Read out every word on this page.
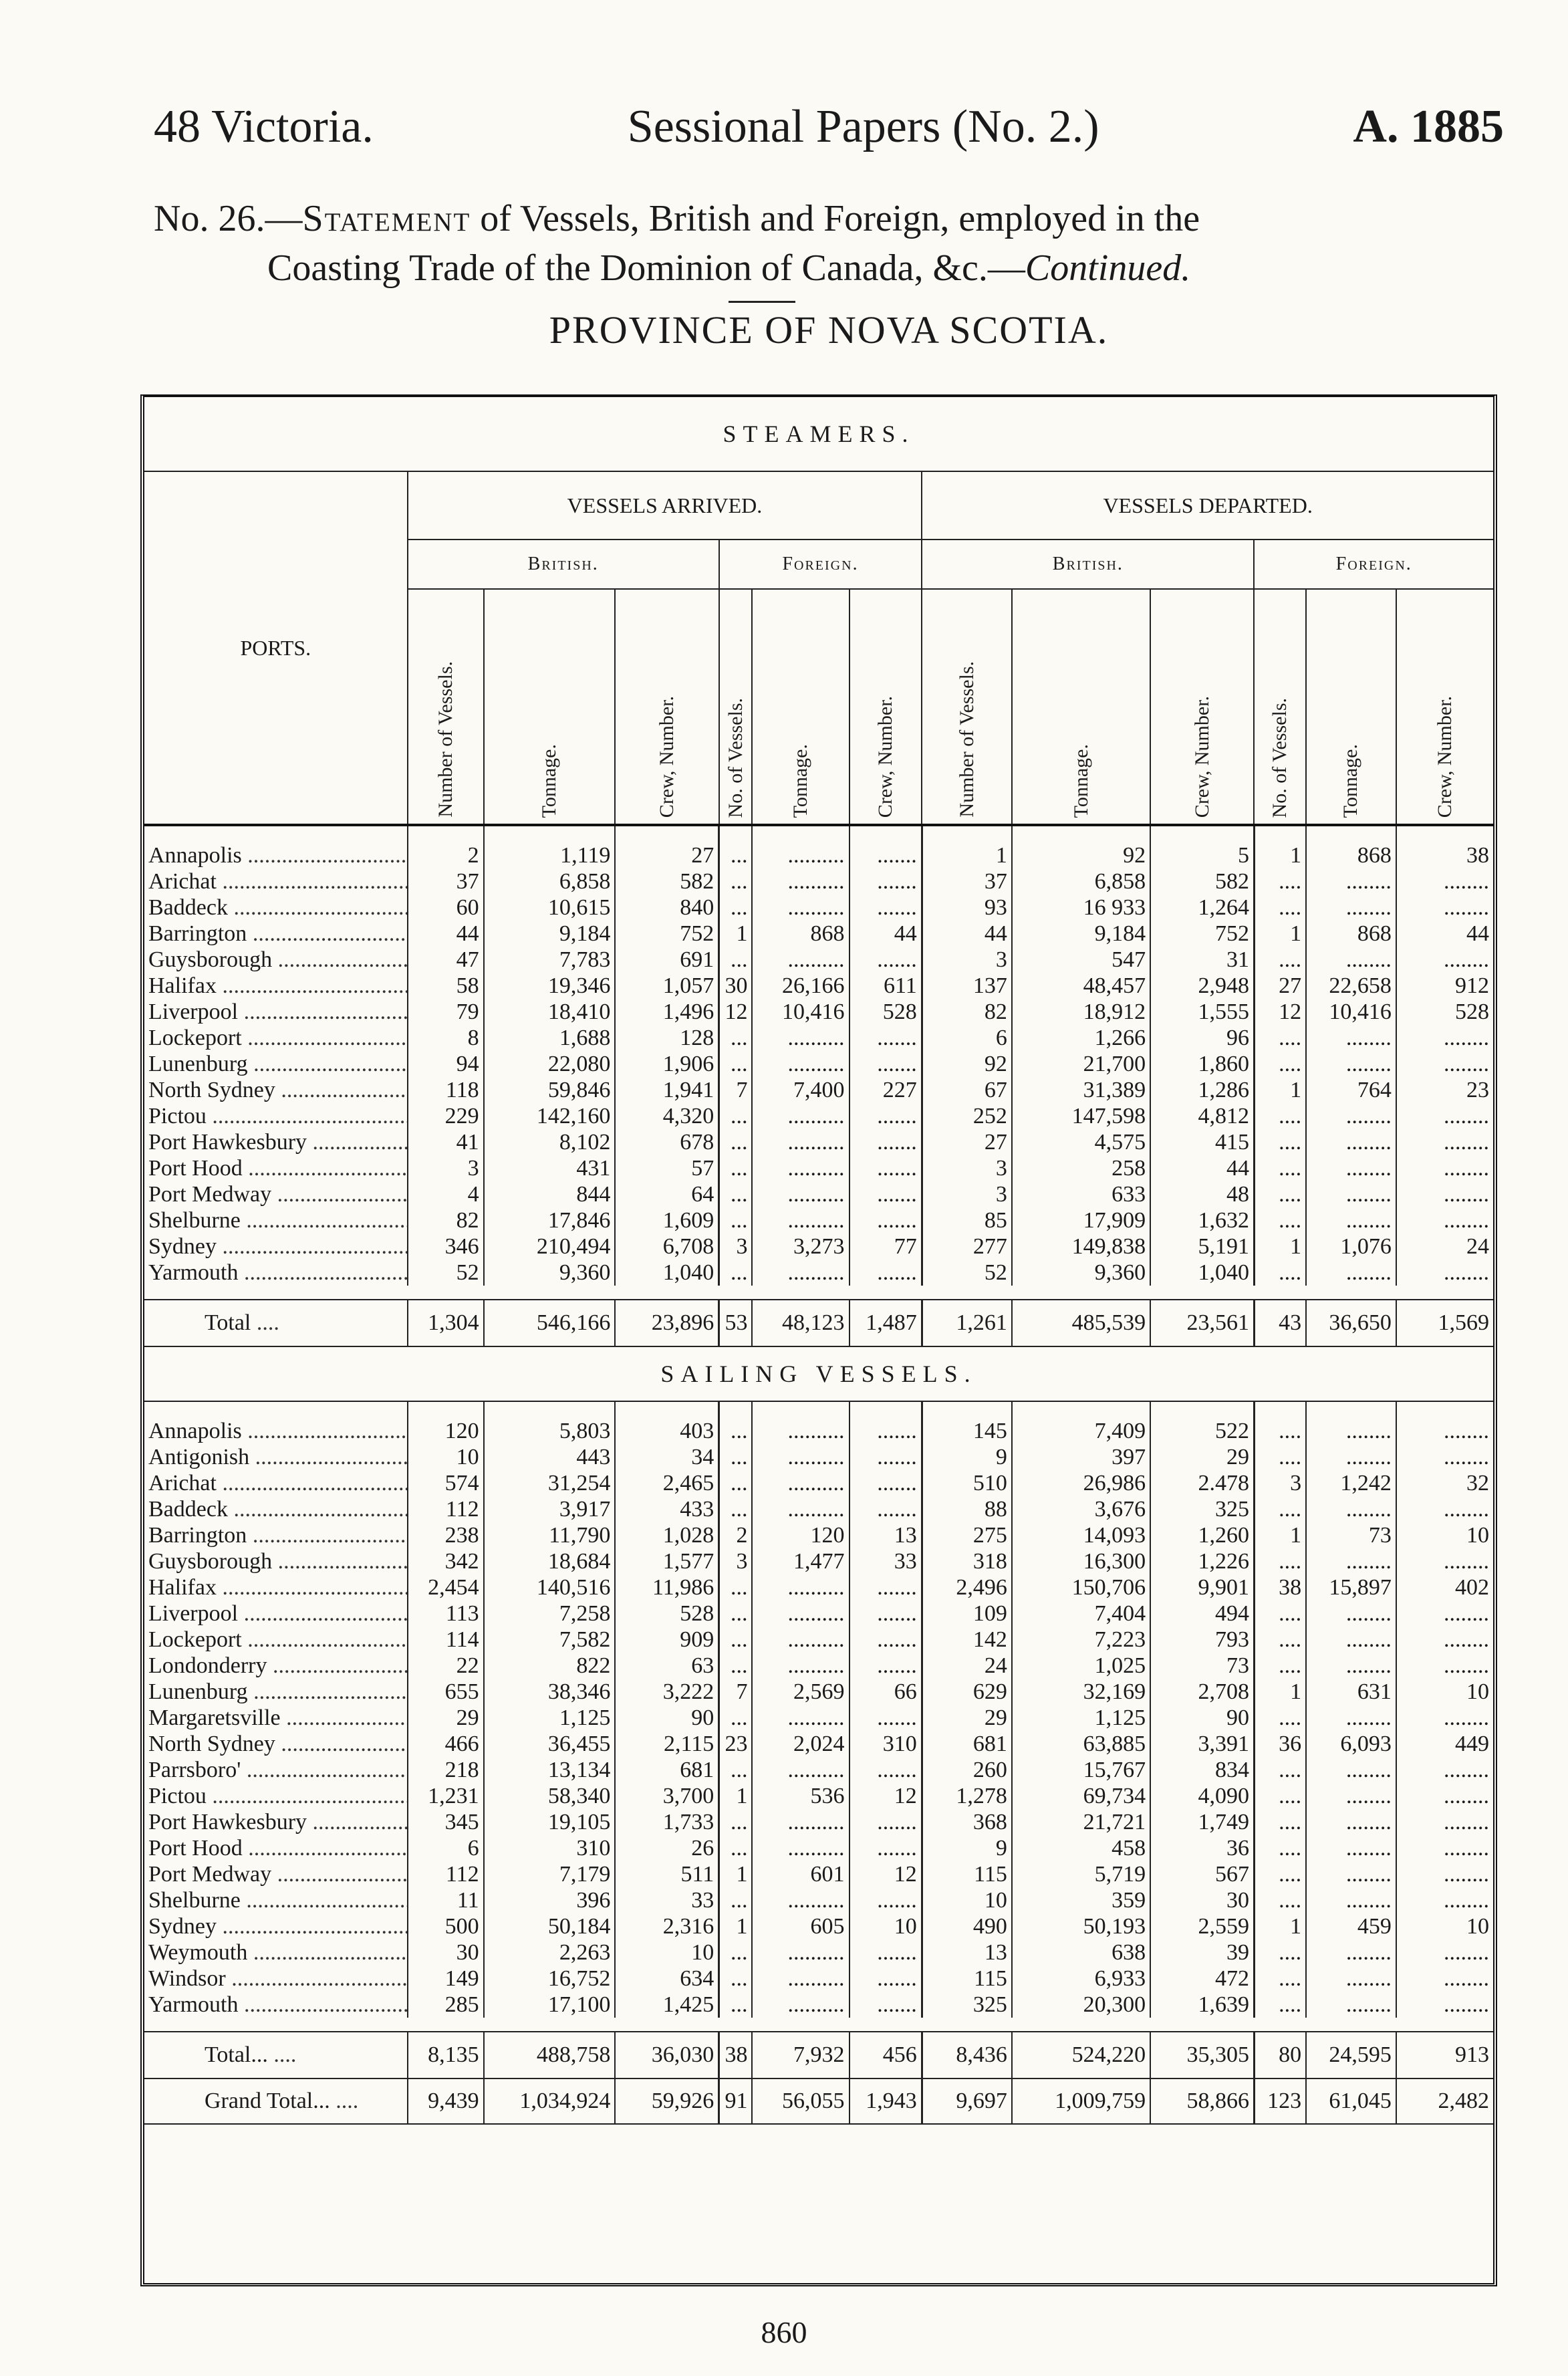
48 Victoria.	Sessional Papers (No. 2.)	A. 1885
No. 26.—Statement of Vessels, British and Foreign, employed in the
Coasting Trade of the Dominion of Canada, &c.—Continued.
PROVINCE OF NOVA SCOTIA.
STEAMERS.												
PORTS.	VESSELS ARRIVED.						VESSELS DEPARTED.					
	British.			Foreign.			British.			Foreign.		
	Number of Vessels.	Tonnage.	Crew, Number.	No. of Vessels.	Tonnage.	Crew, Number.	Number of Vessels.	Tonnage.	Crew, Number.	No. of Vessels.	Tonnage.	Crew, Number.
Annapolis .....	2	1,119	27	...	..........	.......	1	92	5	1	868	38
Arichat .....	37	6,858	582	...	..........	.......	37	6,858	582	....	........	........
Baddeck .....	60	10,615	840	...	..........	.......	93	16 933	1,264	....	........	........
Barrington .....	44	9,184	752	1	868	44	44	9,184	752	1	868	44
Guysborough .....	47	7,783	691	...	..........	.......	3	547	31	....	........	........
Halifax .....	58	19,346	1,057	30	26,166	611	137	48,457	2,948	27	22,658	912
Liverpool .....	79	18,410	1,496	12	10,416	528	82	18,912	1,555	12	10,416	528
Lockeport .....	8	1,688	128	...	..........	.......	6	1,266	96	....	........	........
Lunenburg .....	94	22,080	1,906	...	..........	.......	92	21,700	1,860	....	........	........
North Sydney .....	118	59,846	1,941	7	7,400	227	67	31,389	1,286	1	764	23
Pictou .....	229	142,160	4,320	...	..........	.......	252	147,598	4,812	....	........	........
Port Hawkesbury .....	41	8,102	678	...	..........	.......	27	4,575	415	....	........	........
Port Hood .....	3	431	57	...	..........	.......	3	258	44	....	........	........
Port Medway .....	4	844	64	...	..........	.......	3	633	48	....	........	........
Shelburne .....	82	17,846	1,609	...	..........	.......	85	17,909	1,632	....	........	........
Sydney .....	346	210,494	6,708	3	3,273	77	277	149,838	5,191	1	1,076	24
Yarmouth .....	52	9,360	1,040	...	..........	.......	52	9,360	1,040	....	........	........

Total ....	1,304	546,166	23,896	53	48,123	1,487	1,261	485,539	23,561	43	36,650	1,569
SAILING VESSELS.												
Annapolis .....	120	5,803	403	...	..........	.......	145	7,409	522	....	........	........
Antigonish .....	10	443	34	...	..........	.......	9	397	29	....	........	........
Arichat .....	574	31,254	2,465	...	..........	.......	510	26,986	2.478	3	1,242	32
Baddeck .....	112	3,917	433	...	..........	.......	88	3,676	325	....	........	........
Barrington .....	238	11,790	1,028	2	120	13	275	14,093	1,260	1	73	10
Guysborough .....	342	18,684	1,577	3	1,477	33	318	16,300	1,226	....	........	........
Halifax .....	2,454	140,516	11,986	...	..........	.......	2,496	150,706	9,901	38	15,897	402
Liverpool .....	113	7,258	528	...	..........	.......	109	7,404	494	....	........	........
Lockeport .....	114	7,582	909	...	..........	.......	142	7,223	793	....	........	........
Londonderry .....	22	822	63	...	..........	.......	24	1,025	73	....	........	........
Lunenburg .....	655	38,346	3,222	7	2,569	66	629	32,169	2,708	1	631	10
Margaretsville .....	29	1,125	90	...	..........	.......	29	1,125	90	....	........	........
North Sydney .....	466	36,455	2,115	23	2,024	310	681	63,885	3,391	36	6,093	449
Parrsboro' .....	218	13,134	681	...	..........	.......	260	15,767	834	....	........	........
Pictou .....	1,231	58,340	3,700	1	536	12	1,278	69,734	4,090	....	........	........
Port Hawkesbury .....	345	19,105	1,733	...	..........	.......	368	21,721	1,749	....	........	........
Port Hood .....	6	310	26	...	..........	.......	9	458	36	....	........	........
Port Medway .....	112	7,179	511	1	601	12	115	5,719	567	....	........	........
Shelburne .....	11	396	33	...	..........	.......	10	359	30	....	........	........
Sydney .....	500	50,184	2,316	1	605	10	490	50,193	2,559	1	459	10
Weymouth .....	30	2,263	10	...	..........	.......	13	638	39	....	........	........
Windsor .....	149	16,752	634	...	..........	.......	115	6,933	472	....	........	........
Yarmouth .....	285	17,100	1,425	...	..........	.......	325	20,300	1,639	....	........	........

Total... ....	8,135	488,758	36,030	38	7,932	456	8,436	524,220	35,305	80	24,595	913
Grand Total... ....	9,439	1,034,924	59,926	91	56,055	1,943	9,697	1,009,759	58,866	123	61,045	2,482
860
